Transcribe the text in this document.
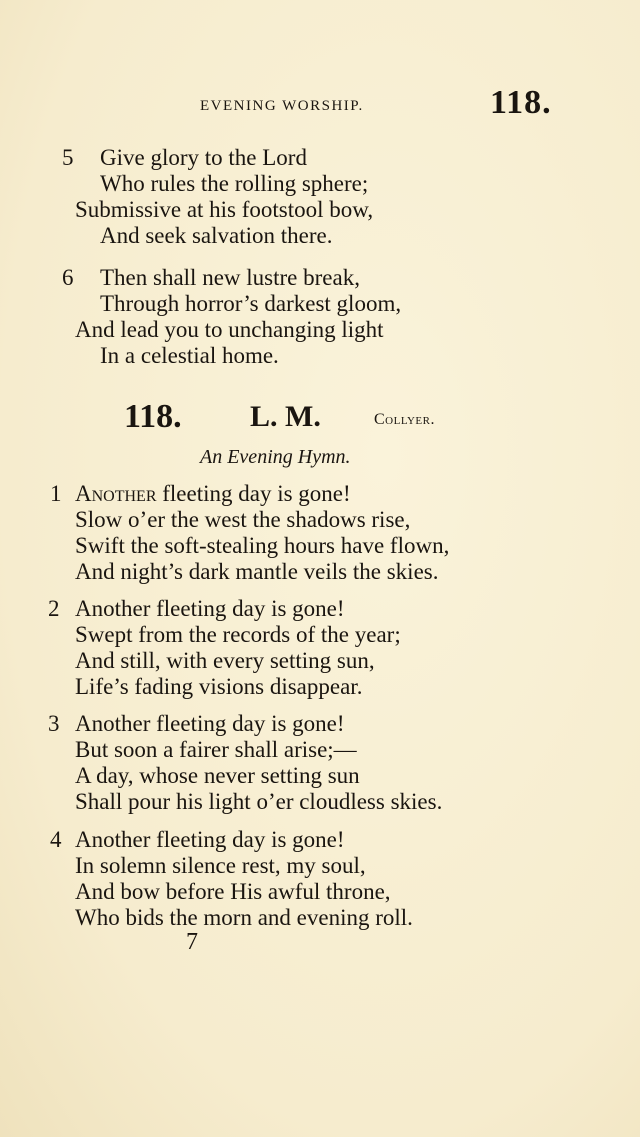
EVENING WORSHIP.	118.
5 Give glory to the Lord
Who rules the rolling sphere;
Submissive at his footstool bow,
And seek salvation there.
6 Then shall new lustre break,
Through horror’s darkest gloom,
And lead you to unchanging light
In a celestial home.
118. L. M.	Collyer.
An Evening Hymn.
1 Another fleeting day is gone!
Slow o’er the west the shadows rise,
Swift the soft-stealing hours have flown,
And night’s dark mantle veils the skies.
2 Another fleeting day is gone!
Swept from the records of the year;
And still, with every setting sun,
Life’s fading visions disappear.
3 Another fleeting day is gone!
But soon a fairer shall arise;—
A day, whose never setting sun
Shall pour his light o’er cloudless skies.
4 Another fleeting day is gone!
In solemn silence rest, my soul,
And bow before His awful throne,
Who bids the morn and evening roll.
7
